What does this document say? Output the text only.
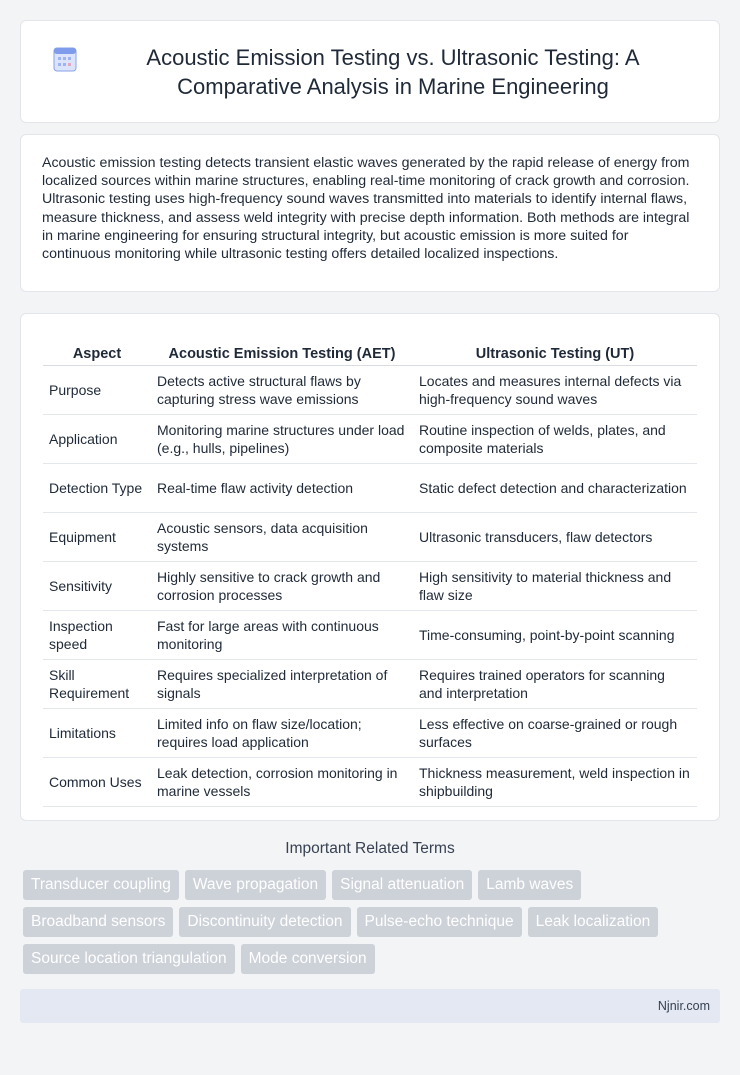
Acoustic Emission Testing vs. Ultrasonic Testing: A Comparative Analysis in Marine Engineering

Acoustic emission testing detects transient elastic waves generated by the rapid release of energy from localized sources within marine structures, enabling real-time monitoring of crack growth and corrosion. Ultrasonic testing uses high-frequency sound waves transmitted into materials to identify internal flaws, measure thickness, and assess weld integrity with precise depth information. Both methods are integral in marine engineering for ensuring structural integrity, but acoustic emission is more suited for continuous monitoring while ultrasonic testing offers detailed localized inspections.

Aspect	Acoustic Emission Testing (AET)	Ultrasonic Testing (UT)
Purpose	Detects active structural flaws by capturing stress wave emissions	Locates and measures internal defects via high-frequency sound waves
Application	Monitoring marine structures under load (e.g., hulls, pipelines)	Routine inspection of welds, plates, and composite materials
Detection Type	Real-time flaw activity detection	Static defect detection and characterization
Equipment	Acoustic sensors, data acquisition systems	Ultrasonic transducers, flaw detectors
Sensitivity	Highly sensitive to crack growth and corrosion processes	High sensitivity to material thickness and flaw size
Inspection speed	Fast for large areas with continuous monitoring	Time-consuming, point-by-point scanning
Skill Requirement	Requires specialized interpretation of signals	Requires trained operators for scanning and interpretation
Limitations	Limited info on flaw size/location; requires load application	Less effective on coarse-grained or rough surfaces
Common Uses	Leak detection, corrosion monitoring in marine vessels	Thickness measurement, weld inspection in shipbuilding
Important Related Terms
Transducer coupling	Wave propagation	Signal attenuation	Lamb waves
Broadband sensors	Discontinuity detection	Pulse-echo technique	Leak localization
Source location triangulation	Mode conversion
Njnir.com
